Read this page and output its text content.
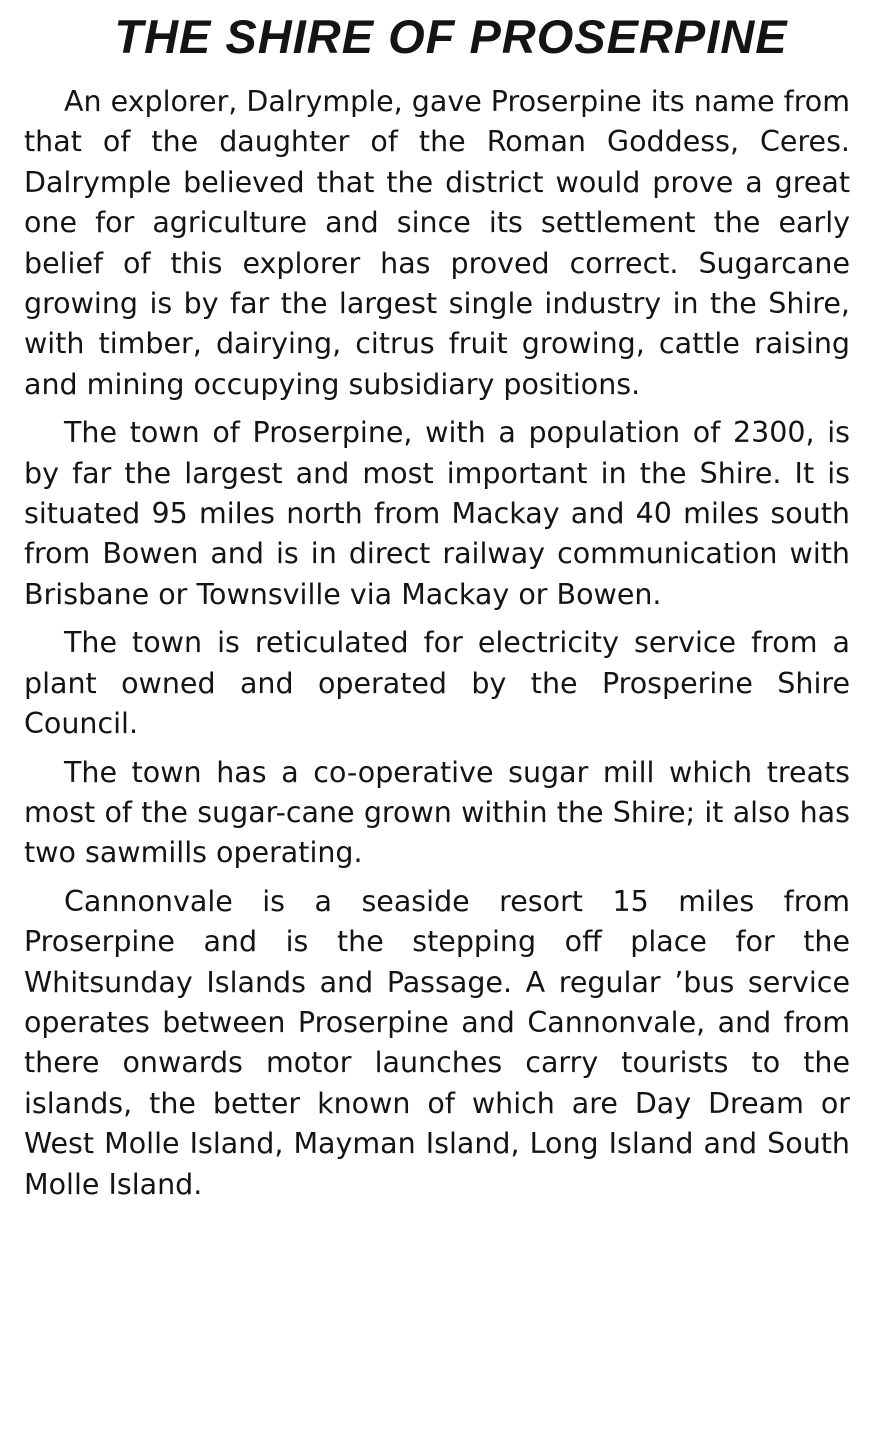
THE SHIRE OF PROSERPINE

An explorer, Dalrymple, gave Proserpine its name from that of the daughter of the Roman Goddess, Ceres. Dalrymple believed that the district would prove a great one for agriculture and since its settlement the early belief of this explorer has proved correct. Sugarcane growing is by far the largest single industry in the Shire, with timber, dairying, citrus fruit growing, cattle raising and mining occupying subsidiary positions.

The town of Proserpine, with a population of 2300, is by far the largest and most important in the Shire. It is situated 95 miles north from Mackay and 40 miles south from Bowen and is in direct railway communication with Brisbane or Townsville via Mackay or Bowen.

The town is reticulated for electricity service from a plant owned and operated by the Prosperine Shire Council.

The town has a co-operative sugar mill which treats most of the sugar-cane grown within the Shire; it also has two sawmills operating.

Cannonvale is a seaside resort 15 miles from Proserpine and is the stepping off place for the Whitsunday Islands and Passage. A regular ’bus service operates between Proserpine and Cannonvale, and from there onwards motor launches carry tourists to the islands, the better known of which are Day Dream or West Molle Island, Mayman Island, Long Island and South Molle Island.
